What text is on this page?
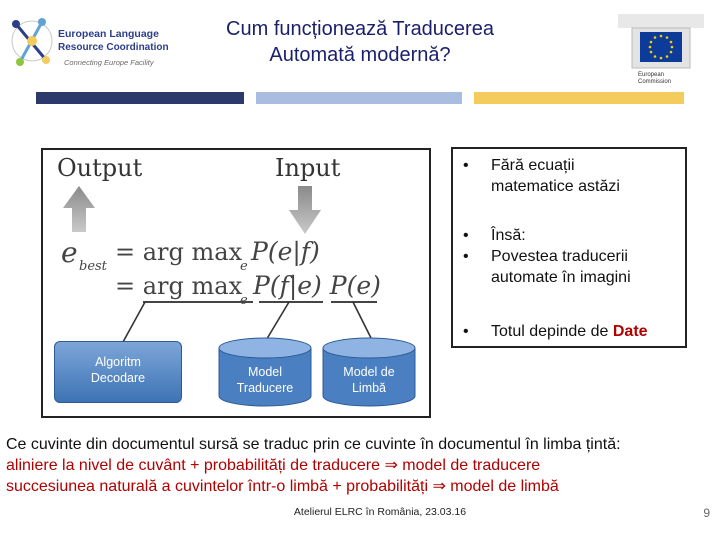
European Language
Resource Coordination
Connecting Europe Facility
Cum funcționează Traducerea
Automată modernă?
European
Commission
Output	Input
e best
= arg max
e
P(e|f)
= arg max
e
P(f|e) P(e)
Algoritm
Decodare	Model
Traducere
Model de
Limbă
• Fără ecuații
matematice astăzi
• Însă:
• Povestea traducerii
automate în imagini
• Totul depinde de Date
Ce cuvinte din documentul sursă se traduc prin ce cuvinte în documentul în limba țintă:
aliniere la nivel de cuvânt + probabilități de traducere ⇒ model de traducere
succesiunea naturală a cuvintelor într-o limbă + probabilități ⇒ model de limbă
Atelierul ELRC în România, 23.03.16	9
